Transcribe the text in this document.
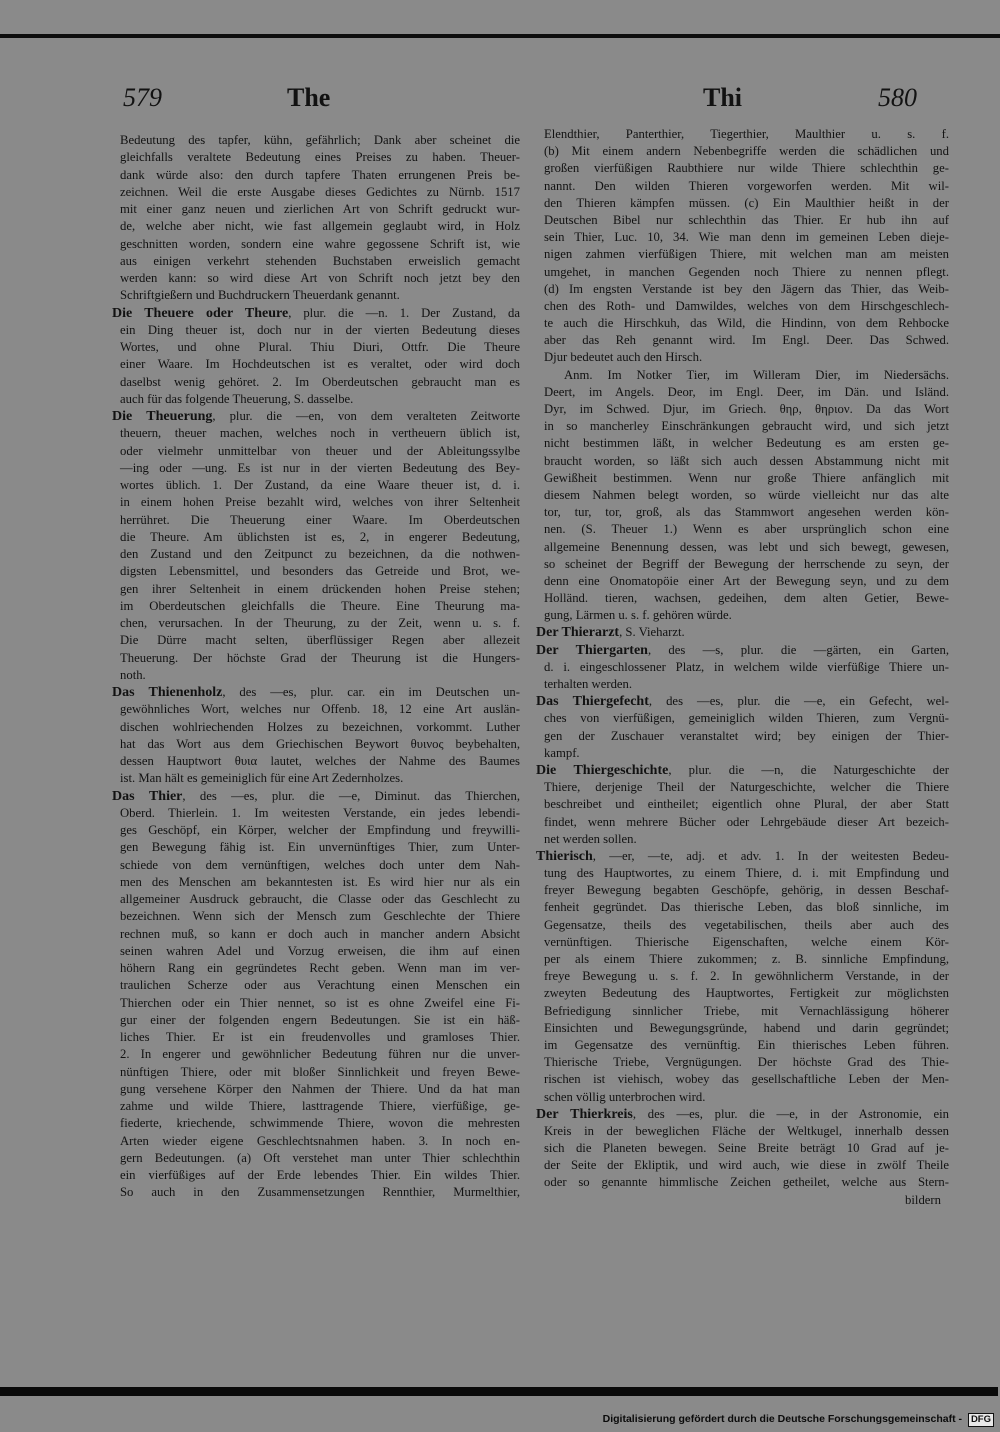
579	The	Thi	580
Bedeutung des tapfer, kühn, gefährlich; Dank aber scheinet die
gleichfalls veraltete Bedeutung eines Preises zu haben. Theuer-
dank würde also: den durch tapfere Thaten errungenen Preis be-
zeichnen. Weil die erste Ausgabe dieses Gedichtes zu Nürnb. 1517
mit einer ganz neuen und zierlichen Art von Schrift gedruckt wur-
de, welche aber nicht, wie fast allgemein geglaubt wird, in Holz
geschnitten worden, sondern eine wahre gegossene Schrift ist, wie
aus einigen verkehrt stehenden Buchstaben erweislich gemacht
werden kann: so wird diese Art von Schrift noch jetzt bey den
Schriftgießern und Buchdruckern Theuerdank genannt.
Die Theuere oder Theure, plur. die —n. 1. Der Zustand, da
ein Ding theuer ist, doch nur in der vierten Bedeutung dieses
Wortes, und ohne Plural. Thiu Diuri, Ottfr. Die Theure
einer Waare. Im Hochdeutschen ist es veraltet, oder wird doch
daselbst wenig gehöret. 2. Im Oberdeutschen gebraucht man es
auch für das folgende Theuerung, S. dasselbe.
Die Theuerung, plur. die —en, von dem veralteten Zeitworte
theuern, theuer machen, welches noch in vertheuern üblich ist,
oder vielmehr unmittelbar von theuer und der Ableitungssylbe
—ing oder —ung. Es ist nur in der vierten Bedeutung des Bey-
wortes üblich. 1. Der Zustand, da eine Waare theuer ist, d. i.
in einem hohen Preise bezahlt wird, welches von ihrer Seltenheit
herrühret. Die Theuerung einer Waare. Im Oberdeutschen
die Theure. Am üblichsten ist es, 2, in engerer Bedeutung,
den Zustand und den Zeitpunct zu bezeichnen, da die nothwen-
digsten Lebensmittel, und besonders das Getreide und Brot, we-
gen ihrer Seltenheit in einem drückenden hohen Preise stehen;
im Oberdeutschen gleichfalls die Theure. Eine Theurung ma-
chen, verursachen. In der Theurung, zu der Zeit, wenn u. s. f.
Die Dürre macht selten, überflüssiger Regen aber allezeit
Theuerung. Der höchste Grad der Theurung ist die Hungers-
noth.
Das Thienenholz, des —es, plur. car. ein im Deutschen un-
gewöhnliches Wort, welches nur Offenb. 18, 12 eine Art auslän-
dischen wohlriechenden Holzes zu bezeichnen, vorkommt. Luther
hat das Wort aus dem Griechischen Beywort θυινος beybehalten,
dessen Hauptwort θυια lautet, welches der Nahme des Baumes
ist. Man hält es gemeiniglich für eine Art Zedernholzes.
Das Thier, des —es, plur. die —e, Diminut. das Thierchen,
Oberd. Thierlein. 1. Im weitesten Verstande, ein jedes lebendi-
ges Geschöpf, ein Körper, welcher der Empfindung und freywilli-
gen Bewegung fähig ist. Ein unvernünftiges Thier, zum Unter-
schiede von dem vernünftigen, welches doch unter dem Nah-
men des Menschen am bekanntesten ist. Es wird hier nur als ein
allgemeiner Ausdruck gebraucht, die Classe oder das Geschlecht zu
bezeichnen. Wenn sich der Mensch zum Geschlechte der Thiere
rechnen muß, so kann er doch auch in mancher andern Absicht
seinen wahren Adel und Vorzug erweisen, die ihm auf einen
höhern Rang ein gegründetes Recht geben. Wenn man im ver-
traulichen Scherze oder aus Verachtung einen Menschen ein
Thierchen oder ein Thier nennet, so ist es ohne Zweifel eine Fi-
gur einer der folgenden engern Bedeutungen. Sie ist ein häß-
liches Thier. Er ist ein freudenvolles und gramloses Thier.
2. In engerer und gewöhnlicher Bedeutung führen nur die unver-
nünftigen Thiere, oder mit bloßer Sinnlichkeit und freyen Bewe-
gung versehene Körper den Nahmen der Thiere. Und da hat man
zahme und wilde Thiere, lasttragende Thiere, vierfüßige, ge-
fiederte, kriechende, schwimmende Thiere, wovon die mehresten
Arten wieder eigene Geschlechtsnahmen haben. 3. In noch en-
gern Bedeutungen. (a) Oft verstehet man unter Thier schlechthin
ein vierfüßiges auf der Erde lebendes Thier. Ein wildes Thier.
So auch in den Zusammensetzungen Rennthier, Murmelthier,
Elendthier, Panterthier, Tiegerthier, Maulthier u. s. f.
(b) Mit einem andern Nebenbegriffe werden die schädlichen und
großen vierfüßigen Raubthiere nur wilde Thiere schlechthin ge-
nannt. Den wilden Thieren vorgeworfen werden. Mit wil-
den Thieren kämpfen müssen. (c) Ein Maulthier heißt in der
Deutschen Bibel nur schlechthin das Thier. Er hub ihn auf
sein Thier, Luc. 10, 34. Wie man denn im gemeinen Leben dieje-
nigen zahmen vierfüßigen Thiere, mit welchen man am meisten
umgehet, in manchen Gegenden noch Thiere zu nennen pflegt.
(d) Im engsten Verstande ist bey den Jägern das Thier, das Weib-
chen des Roth- und Damwildes, welches von dem Hirschgeschlech-
te auch die Hirschkuh, das Wild, die Hindinn, von dem Rehbocke
aber das Reh genannt wird. Im Engl. Deer. Das Schwed.
Djur bedeutet auch den Hirsch.
Anm. Im Notker Tier, im Willeram Dier, im Niedersächs.
Deert, im Angels. Deor, im Engl. Deer, im Dän. und Isländ.
Dyr, im Schwed. Djur, im Griech. θηρ, θηριον. Da das Wort
in so mancherley Einschränkungen gebraucht wird, und sich jetzt
nicht bestimmen läßt, in welcher Bedeutung es am ersten ge-
braucht worden, so läßt sich auch dessen Abstammung nicht mit
Gewißheit bestimmen. Wenn nur große Thiere anfänglich mit
diesem Nahmen belegt worden, so würde vielleicht nur das alte
tor, tur, tor, groß, als das Stammwort angesehen werden kön-
nen. (S. Theuer 1.) Wenn es aber ursprünglich schon eine
allgemeine Benennung dessen, was lebt und sich bewegt, gewesen,
so scheinet der Begriff der Bewegung der herrschende zu seyn, der
denn eine Onomatopöie einer Art der Bewegung seyn, und zu dem
Holländ. tieren, wachsen, gedeihen, dem alten Getier, Bewe-
gung, Lärmen u. s. f. gehören würde.
Der Thierarzt, S. Vieharzt.
Der Thiergarten, des —s, plur. die —gärten, ein Garten,
d. i. eingeschlossener Platz, in welchem wilde vierfüßige Thiere un-
terhalten werden.
Das Thiergefecht, des —es, plur. die —e, ein Gefecht, wel-
ches von vierfüßigen, gemeiniglich wilden Thieren, zum Vergnü-
gen der Zuschauer veranstaltet wird; bey einigen der Thier-
kampf.
Die Thiergeschichte, plur. die —n, die Naturgeschichte der
Thiere, derjenige Theil der Naturgeschichte, welcher die Thiere
beschreibet und eintheilet; eigentlich ohne Plural, der aber Statt
findet, wenn mehrere Bücher oder Lehrgebäude dieser Art bezeich-
net werden sollen.
Thierisch, —er, —te, adj. et adv. 1. In der weitesten Bedeu-
tung des Hauptwortes, zu einem Thiere, d. i. mit Empfindung und
freyer Bewegung begabten Geschöpfe, gehörig, in dessen Beschaf-
fenheit gegründet. Das thierische Leben, das bloß sinnliche, im
Gegensatze, theils des vegetabilischen, theils aber auch des
vernünftigen. Thierische Eigenschaften, welche einem Kör-
per als einem Thiere zukommen; z. B. sinnliche Empfindung,
freye Bewegung u. s. f. 2. In gewöhnlicherm Verstande, in der
zweyten Bedeutung des Hauptwortes, Fertigkeit zur möglichsten
Befriedigung sinnlicher Triebe, mit Vernachlässigung höherer
Einsichten und Bewegungsgründe, habend und darin gegründet;
im Gegensatze des vernünftig. Ein thierisches Leben führen.
Thierische Triebe, Vergnügungen. Der höchste Grad des Thie-
rischen ist viehisch, wobey das gesellschaftliche Leben der Men-
schen völlig unterbrochen wird.
Der Thierkreis, des —es, plur. die —e, in der Astronomie, ein
Kreis in der beweglichen Fläche der Weltkugel, innerhalb dessen
sich die Planeten bewegen. Seine Breite beträgt 10 Grad auf je-
der Seite der Ekliptik, und wird auch, wie diese in zwölf Theile
oder so genannte himmlische Zeichen getheilet, welche aus Stern-
bildern
Digitalisierung gefördert durch die Deutsche Forschungsgemeinschaft - DFG
